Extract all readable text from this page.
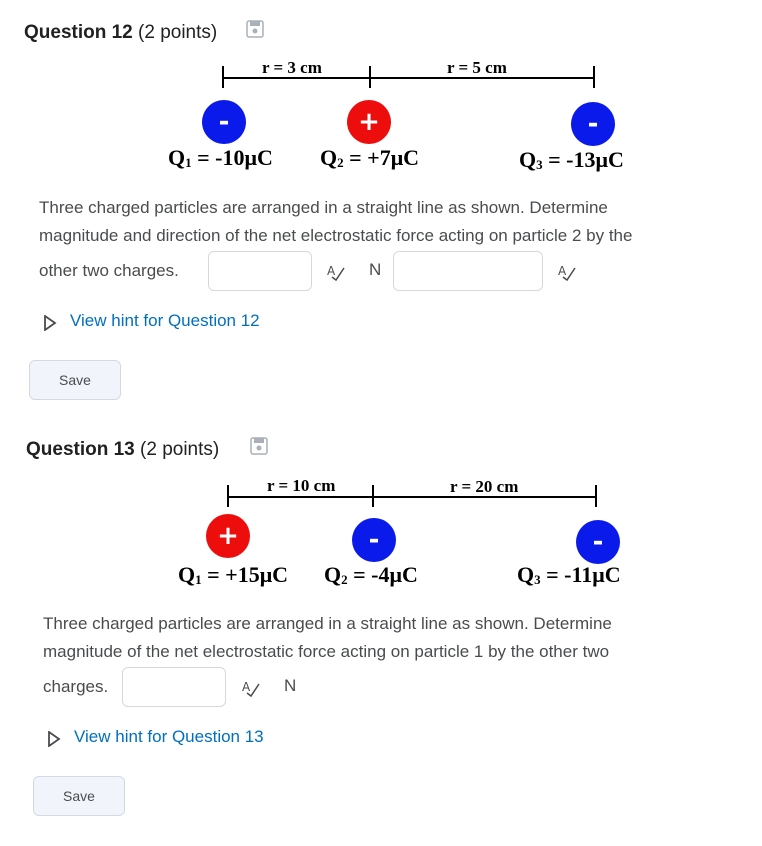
Question 12 (2 points)
r = 3 cm	r = 5 cm
-	+	-
$Q_1 = -10\mu C$ $Q_2 = +7\mu C$	$Q_3 = -13\mu C$
Three charged particles are arranged in a straight line as shown. Determine
magnitude and direction of the net electrostatic force acting on particle 2 by the
other two charges.	A N	A
View hint for Question 12
Save
Question 13 (2 points)
r = 10 cm	r = 20 cm
+	-	-
$Q_1 = +15\mu C$ $Q_2 = -4\mu C$	$Q_3 = -11\mu C$
Three charged particles are arranged in a straight line as shown. Determine
magnitude of the net electrostatic force acting on particle 1 by the other two
charges.	A N
View hint for Question 13
Save
